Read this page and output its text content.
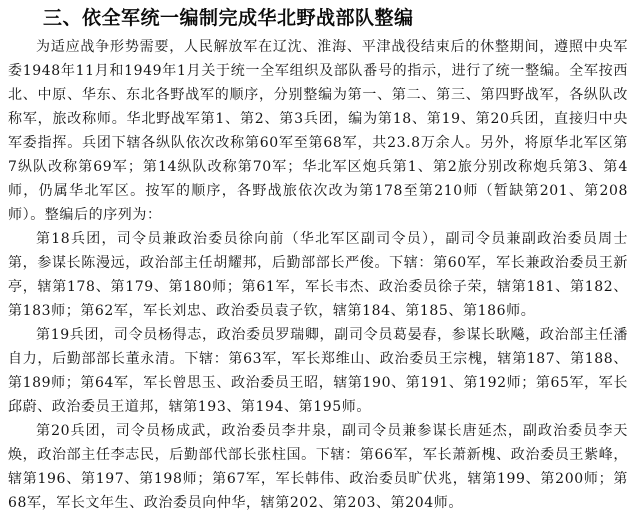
三、依全军统一编制完成华北野战部队整编

为适应战争形势需要，人民解放军在辽沈、淮海、平津战役结束后的休整期间，遵照中央军委1948年11月和1949年1月关于统一全军组织及部队番号的指示，进行了统一整编。全军按西北、中原、华东、东北各野战军的顺序，分别整编为第一、第二、第三、第四野战军，各纵队改称军，旅改称师。华北野战军第1、第2、第3兵团，编为第18、第19、第20兵团，直接归中央军委指挥。兵团下辖各纵队依次改称第60军至第68军，共23.8万余人。另外，将原华北军区第7纵队改称第69军；第14纵队改称第70军；华北军区炮兵第1、第2旅分别改称炮兵第3、第4师，仍属华北军区。按军的顺序，各野战旅依次改为第178至第210师（暂缺第201、第208师）。整编后的序列为：

第18兵团，司令员兼政治委员徐向前（华北军区副司令员），副司令员兼副政治委员周士第，参谋长陈漫远，政治部主任胡耀邦，后勤部部长严俊。下辖：第60军，军长兼政治委员王新亭，辖第178、第179、第180师；第61军，军长韦杰、政治委员徐子荣，辖第181、第182、第183师；第62军，军长刘忠、政治委员袁子钦，辖第184、第185、第186师。

第19兵团，司令员杨得志，政治委员罗瑞卿，副司令员葛晏春，参谋长耿飚，政治部主任潘自力，后勤部部长董永清。下辖：第63军，军长郑维山、政治委员王宗槐，辖第187、第188、第189师；第64军，军长曾思玉、政治委员王昭，辖第190、第191、第192师；第65军，军长邱蔚、政治委员王道邦，辖第193、第194、第195师。

第20兵团，司令员杨成武，政治委员李井泉，副司令员兼参谋长唐延杰，副政治委员李天焕，政治部主任李志民，后勤部代部长张柱国。下辖：第66军，军长萧新槐、政治委员王紫峰，辖第196、第197、第198师；第67军，军长韩伟、政治委员旷伏兆，辖第199、第200师；第68军，军长文年生、政治委员向仲华，辖第202、第203、第204师。
